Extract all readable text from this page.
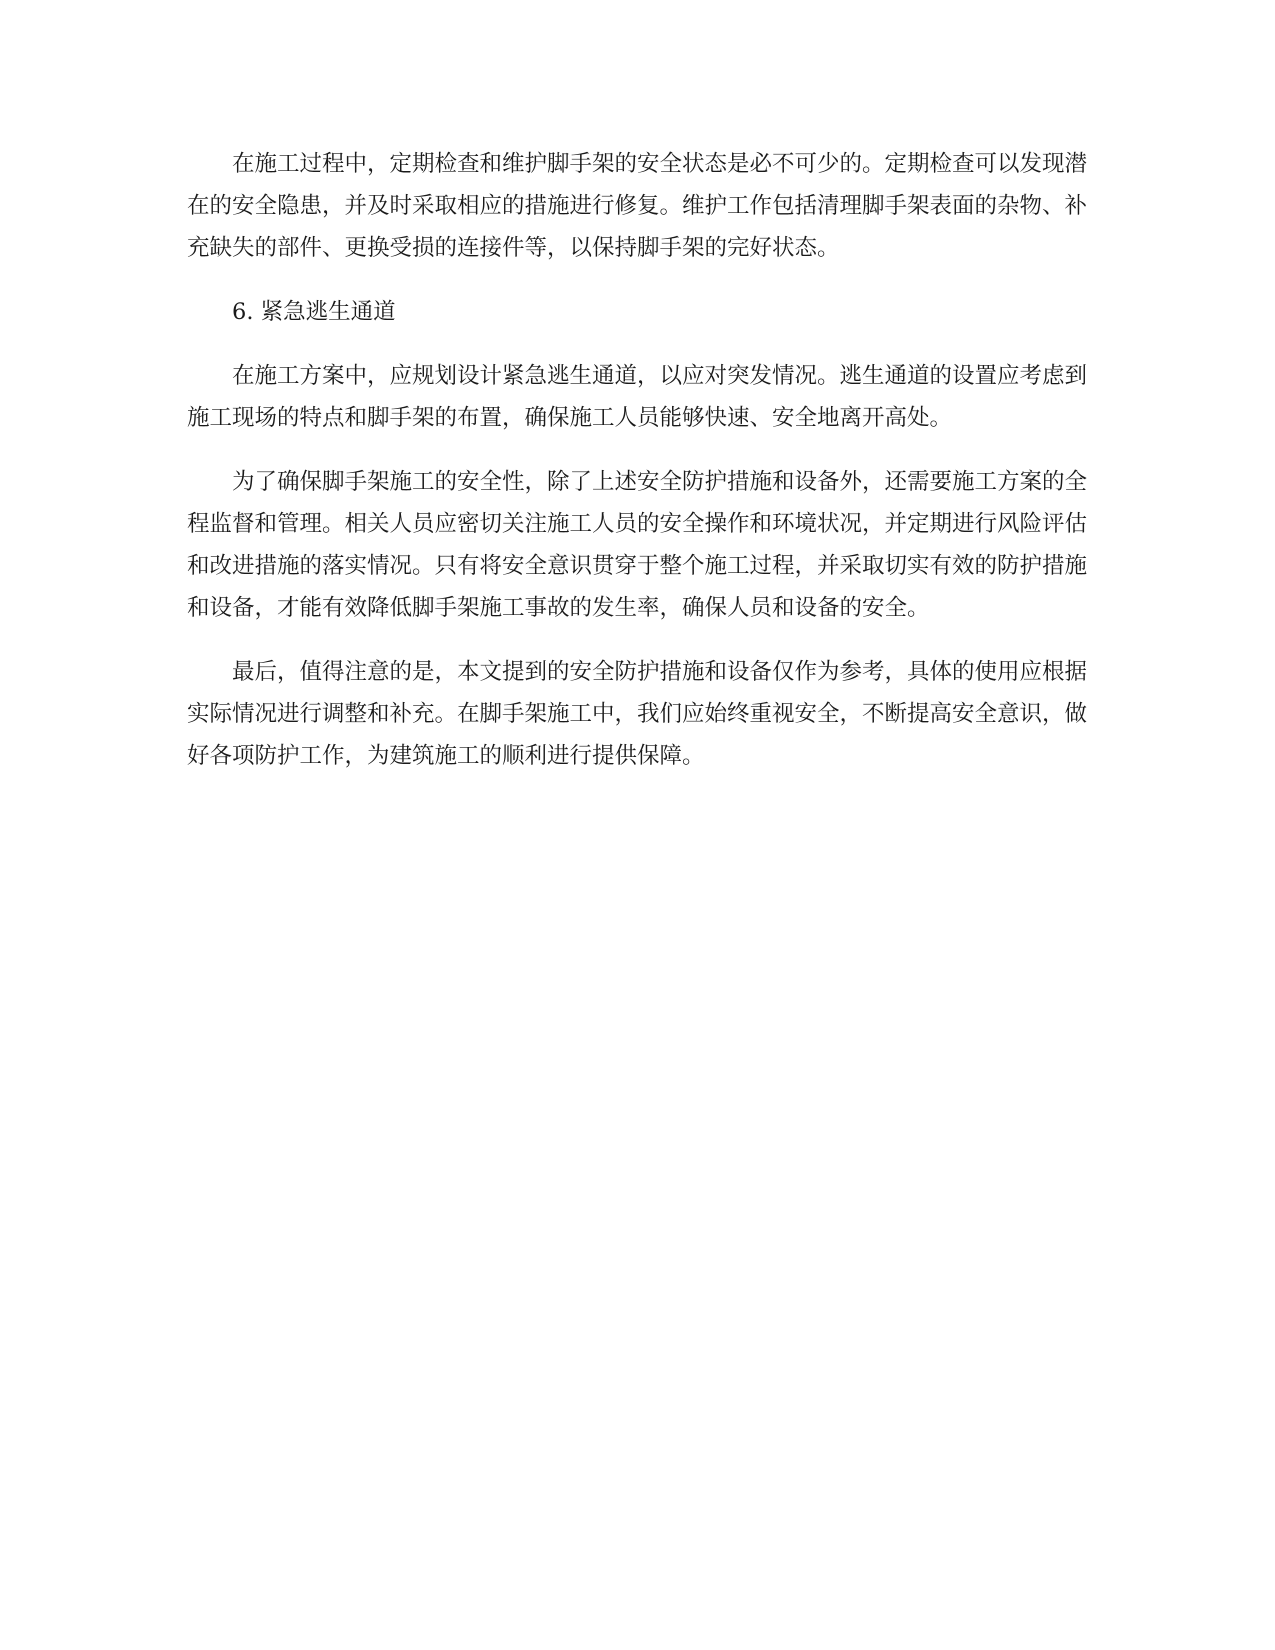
在施工过程中，定期检查和维护脚手架的安全状态是必不可少的。定期检查可以发现潜在的安全隐患，并及时采取相应的措施进行修复。维护工作包括清理脚手架表面的杂物、补充缺失的部件、更换受损的连接件等，以保持脚手架的完好状态。

6. 紧急逃生通道

在施工方案中，应规划设计紧急逃生通道，以应对突发情况。逃生通道的设置应考虑到施工现场的特点和脚手架的布置，确保施工人员能够快速、安全地离开高处。

为了确保脚手架施工的安全性，除了上述安全防护措施和设备外，还需要施工方案的全程监督和管理。相关人员应密切关注施工人员的安全操作和环境状况，并定期进行风险评估和改进措施的落实情况。只有将安全意识贯穿于整个施工过程，并采取切实有效的防护措施和设备，才能有效降低脚手架施工事故的发生率，确保人员和设备的安全。

最后，值得注意的是，本文提到的安全防护措施和设备仅作为参考，具体的使用应根据实际情况进行调整和补充。在脚手架施工中，我们应始终重视安全，不断提高安全意识，做好各项防护工作，为建筑施工的顺利进行提供保障。
